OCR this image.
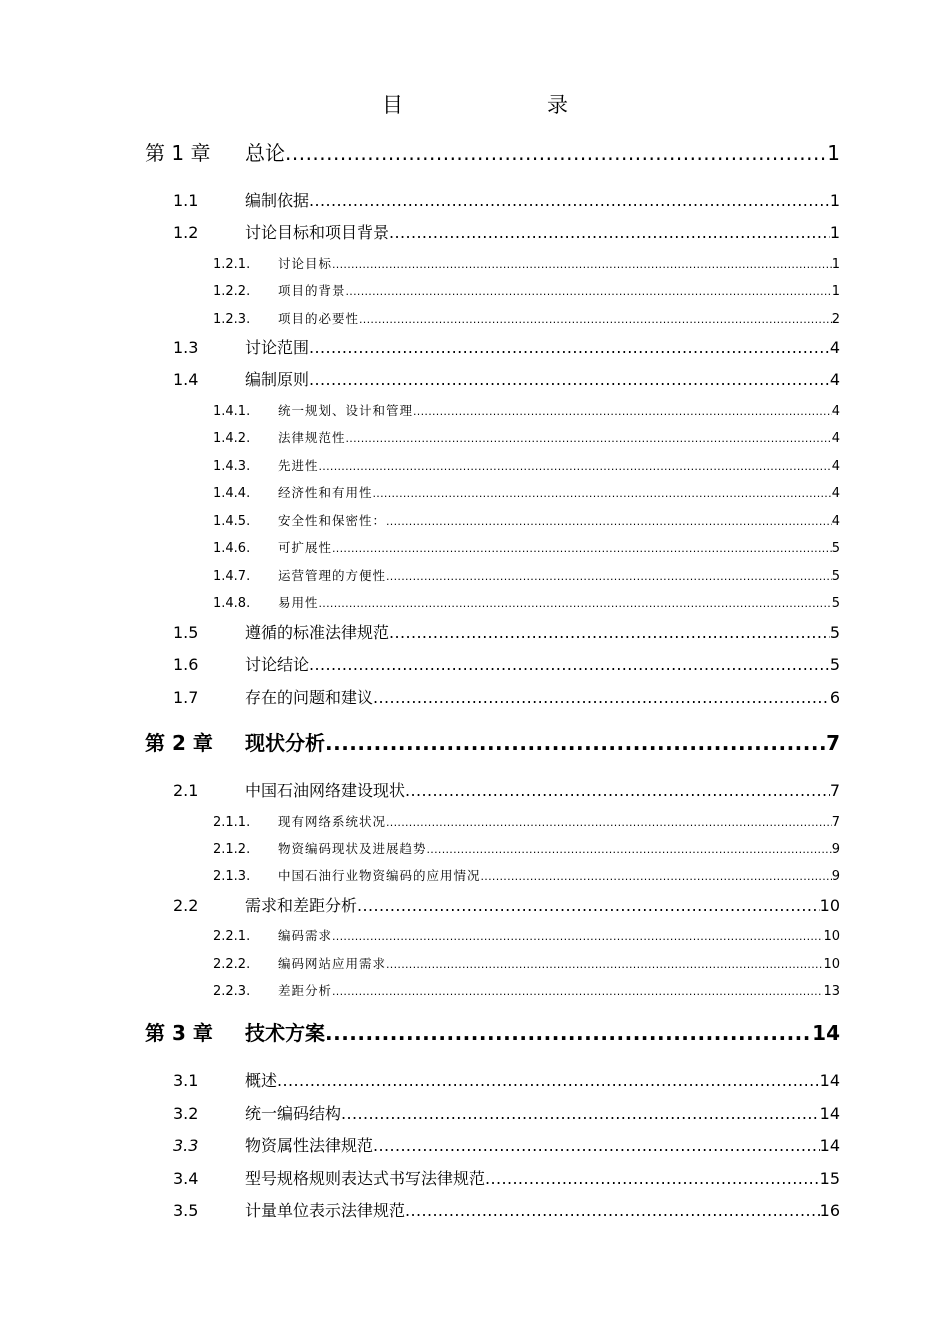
目　　录
第 1 章	总论 .....	1
1.1	编制依据 .....	1
1.2	讨论目标和项目背景 .....	1
1.2.1.	讨论目标 .....	1
1.2.2.	项目的背景 .....	1
1.2.3.	项目的必要性 .....	2
1.3	讨论范围 .....	4
1.4	编制原则 .....	4
1.4.1.	统一规划、设计和管理 .....	4
1.4.2.	法律规范性 .....	4
1.4.3.	先进性 .....	4
1.4.4.	经济性和有用性 .....	4
1.4.5.	安全性和保密性： .....	4
1.4.6.	可扩展性 .....	5
1.4.7.	运营管理的方便性 .....	5
1.4.8.	易用性 .....	5
1.5	遵循的标准法律规范 .....	5
1.6	讨论结论 .....	5
1.7	存在的问题和建议 .....	6
第 2 章	现状分析 .....	7
2.1	中国石油网络建设现状 .....	7
2.1.1.	现有网络系统状况 .....	7
2.1.2.	物资编码现状及进展趋势 .....	9
2.1.3.	中国石油行业物资编码的应用情况 .....	9
2.2	需求和差距分析 .....	10
2.2.1.	编码需求 .....	10
2.2.2.	编码网站应用需求 .....	10
2.2.3.	差距分析 .....	13
第 3 章	技术方案 .....	14
3.1	概述 .....	14
3.2	统一编码结构 .....	14
3.3	物资属性法律规范 .....	14
3.4	型号规格规则表达式书写法律规范 .....	15
3.5	计量单位表示法律规范 .....	16
